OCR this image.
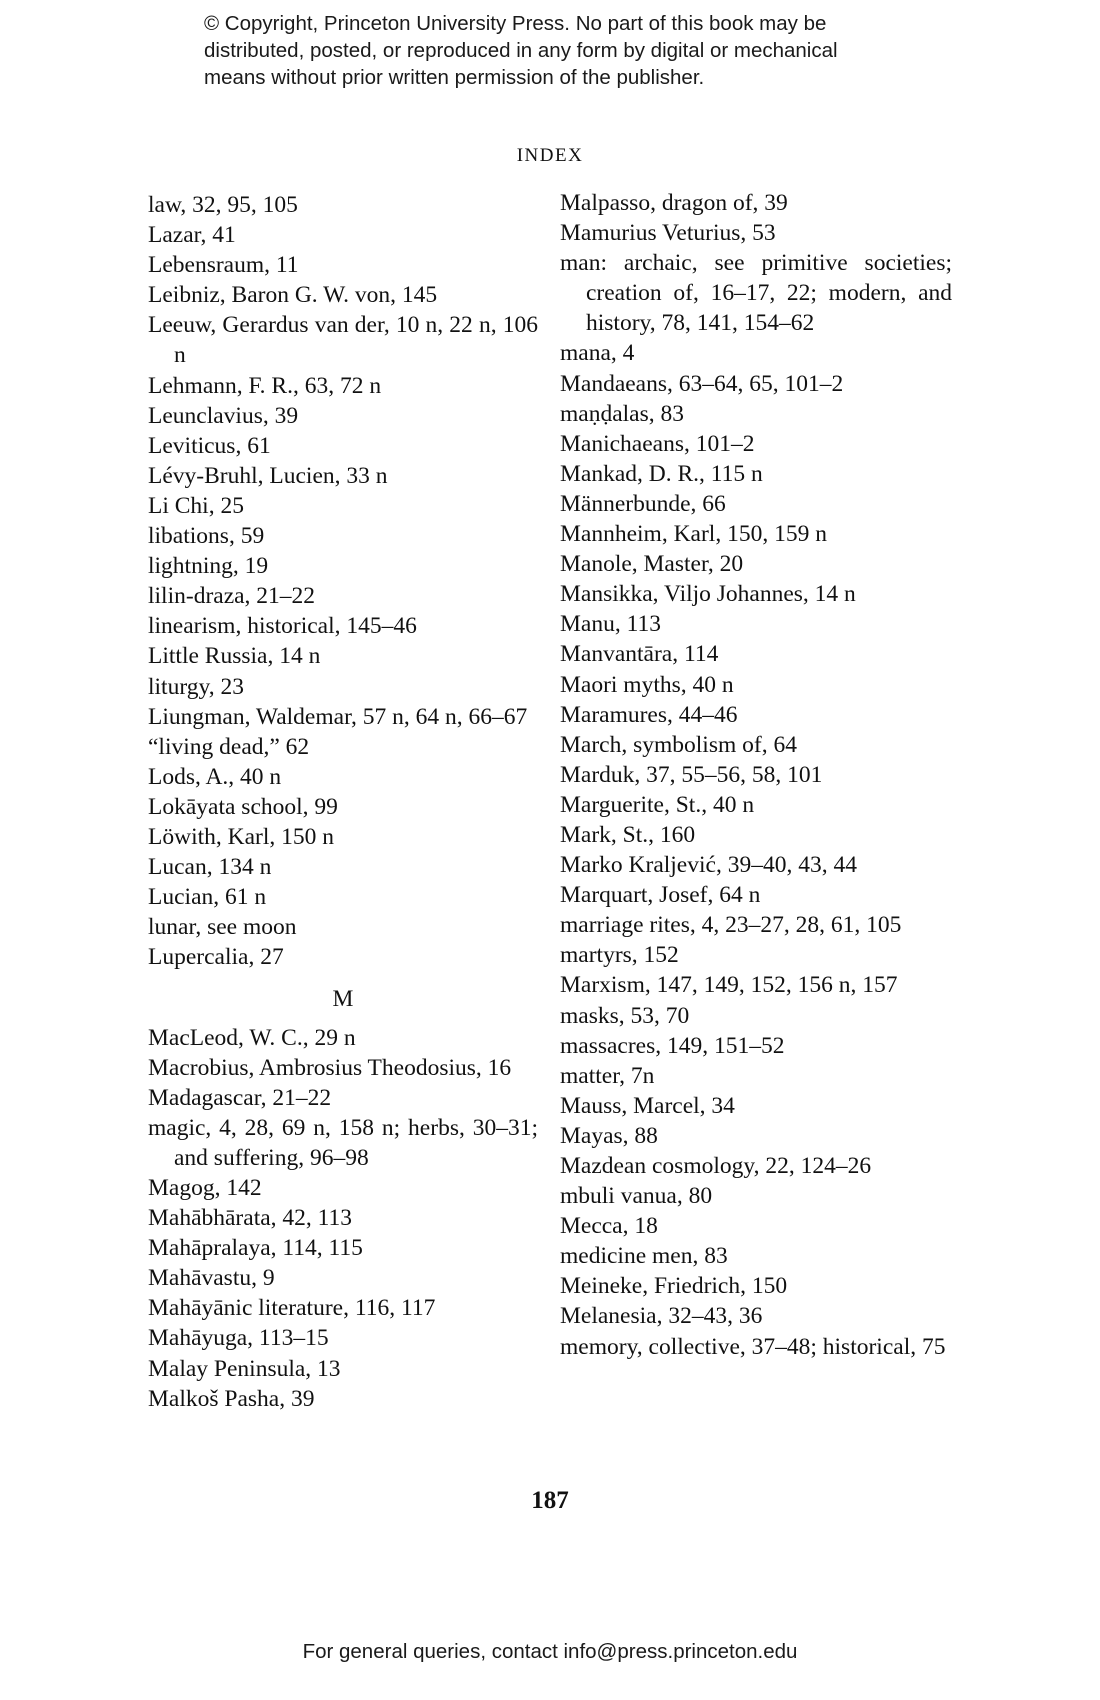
© Copyright, Princeton University Press. No part of this book may be
distributed, posted, or reproduced in any form by digital or mechanical
means without prior written permission of the publisher.
INDEX
law, 32, 95, 105
Lazar, 41
Lebensraum, 11
Leibniz, Baron G. W. von, 145
Leeuw, Gerardus van der, 10 n, 22 n, 106 n
Lehmann, F. R., 63, 72 n
Leunclavius, 39
Leviticus, 61
Lévy-Bruhl, Lucien, 33 n
Li Chi, 25
libations, 59
lightning, 19
lilin-draza, 21–22
linearism, historical, 145–46
Little Russia, 14 n
liturgy, 23
Liungman, Waldemar, 57 n, 64 n, 66–67
“living dead,” 62
Lods, A., 40 n
Lokāyata school, 99
Löwith, Karl, 150 n
Lucan, 134 n
Lucian, 61 n
lunar, see moon
Lupercalia, 27
M
MacLeod, W. C., 29 n
Macrobius, Ambrosius Theodosius, 16
Madagascar, 21–22
magic, 4, 28, 69 n, 158 n; herbs, 30–31; and suffering, 96–98
Magog, 142
Mahābhārata, 42, 113
Mahāpralaya, 114, 115
Mahāvastu, 9
Mahāyānic literature, 116, 117
Mahāyuga, 113–15
Malay Peninsula, 13
Malkoš Pasha, 39
Malpasso, dragon of, 39
Mamurius Veturius, 53
man: archaic, see primitive societies; creation of, 16–17, 22; modern, and history, 78, 141, 154–62
mana, 4
Mandaeans, 63–64, 65, 101–2
maṇḍalas, 83
Manichaeans, 101–2
Mankad, D. R., 115 n
Männerbunde, 66
Mannheim, Karl, 150, 159 n
Manole, Master, 20
Mansikka, Viljo Johannes, 14 n
Manu, 113
Manvantāra, 114
Maori myths, 40 n
Maramures, 44–46
March, symbolism of, 64
Marduk, 37, 55–56, 58, 101
Marguerite, St., 40 n
Mark, St., 160
Marko Kraljević, 39–40, 43, 44
Marquart, Josef, 64 n
marriage rites, 4, 23–27, 28, 61, 105
martyrs, 152
Marxism, 147, 149, 152, 156 n, 157
masks, 53, 70
massacres, 149, 151–52
matter, 7n
Mauss, Marcel, 34
Mayas, 88
Mazdean cosmology, 22, 124–26
mbuli vanua, 80
Mecca, 18
medicine men, 83
Meineke, Friedrich, 150
Melanesia, 32–43, 36
memory, collective, 37–48; historical, 75
187
For general queries, contact info@press.princeton.edu
